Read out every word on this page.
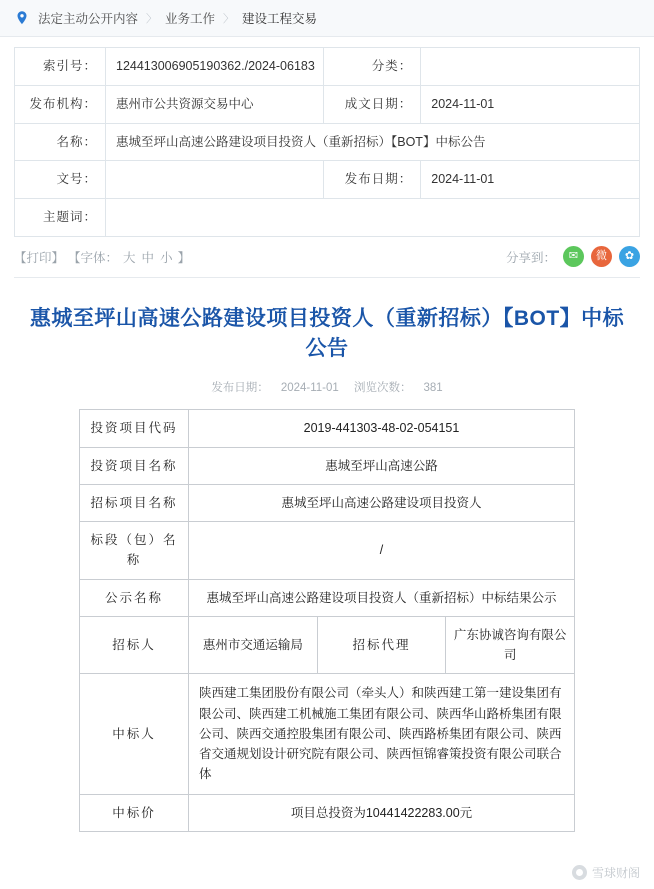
法定主动公开内容 〉 业务工作 〉 建设工程交易
索引号：	124413006905190362./2024-06183	分类：	
发布机构：	惠州市公共资源交易中心	成文日期：	2024-11-01
名称：	惠城至坪山高速公路建设项目投资人（重新招标）【BOT】中标公告		
文号：		发布日期：	2024-11-01
主题词：			
【打印】 【字体： 大 中 小 】	分享到：	✉	微	✿
惠城至坪山高速公路建设项目投资人（重新招标）【BOT】中标公告
发布日期： 2024-11-01 浏览次数： 381
投资项目代码	2019-441303-48-02-054151		
投资项目名称	惠城至坪山高速公路		
招标项目名称	惠城至坪山高速公路建设项目投资人		
标段（包）名称	/		
公示名称	惠城至坪山高速公路建设项目投资人（重新招标）中标结果公示		
招标人	惠州市交通运输局	招标代理	广东协诚咨询有限公司
中标人	陕西建工集团股份有限公司（牵头人）和陕西建工第一建设集团有限公司、陕西建工机械施工集团有限公司、陕西华山路桥集团有限公司、陕西交通控股集团有限公司、陕西路桥集团有限公司、陕西省交通规划设计研究院有限公司、陕西恒锦睿策投资有限公司联合体		
中标价	项目总投资为10441422283.00元		
雪球财阁
